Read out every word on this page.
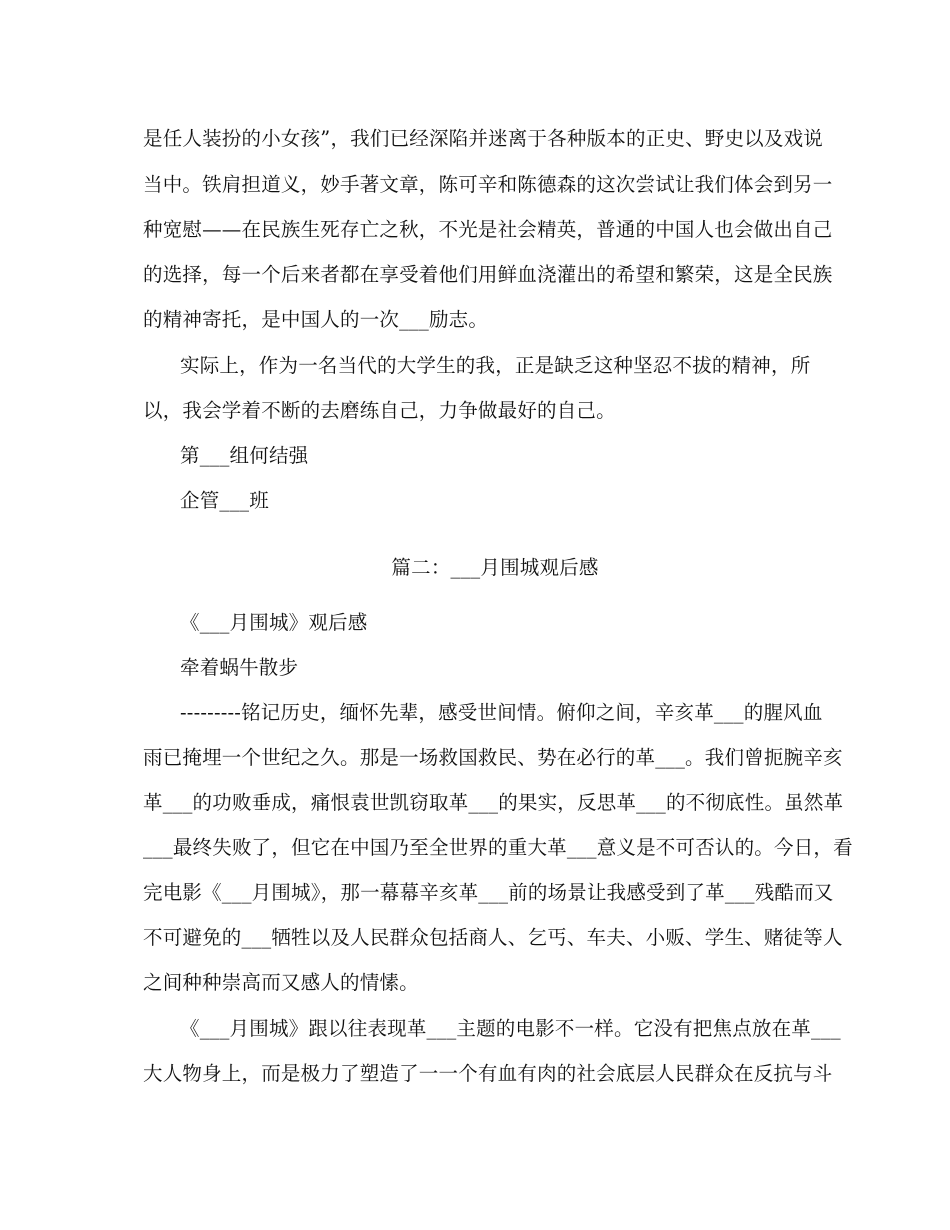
是任人装扮的小女孩”，我们已经深陷并迷离于各种版本的正史、野史以及戏说
当中。铁肩担道义，妙手著文章，陈可辛和陈德森的这次尝试让我们体会到另一
种宽慰——在民族生死存亡之秋，不光是社会精英，普通的中国人也会做出自己
的选择，每一个后来者都在享受着他们用鲜血浇灌出的希望和繁荣，这是全民族
的精神寄托，是中国人的一次___励志。
实际上，作为一名当代的大学生的我，正是缺乏这种坚忍不拔的精神，所
以，我会学着不断的去磨练自己，力争做最好的自己。
第___组何结强
企管___班
篇二：___月围城观后感
《___月围城》观后感
牵着蜗牛散步
---------铭记历史，缅怀先辈，感受世间情。俯仰之间，辛亥革___的腥风血
雨已掩埋一个世纪之久。那是一场救国救民、势在必行的革___。我们曾扼腕辛亥
革___的功败垂成，痛恨袁世凯窃取革___的果实，反思革___的不彻底性。虽然革
___最终失败了，但它在中国乃至全世界的重大革___意义是不可否认的。今日，看
完电影《___月围城》，那一幕幕辛亥革___前的场景让我感受到了革___残酷而又
不可避免的___牺牲以及人民群众包括商人、乞丐、车夫、小贩、学生、赌徒等人
之间种种崇高而又感人的情愫。
《___月围城》跟以往表现革___主题的电影不一样。它没有把焦点放在革___
大人物身上，而是极力了塑造了一一个有血有肉的社会底层人民群众在反抗与斗
